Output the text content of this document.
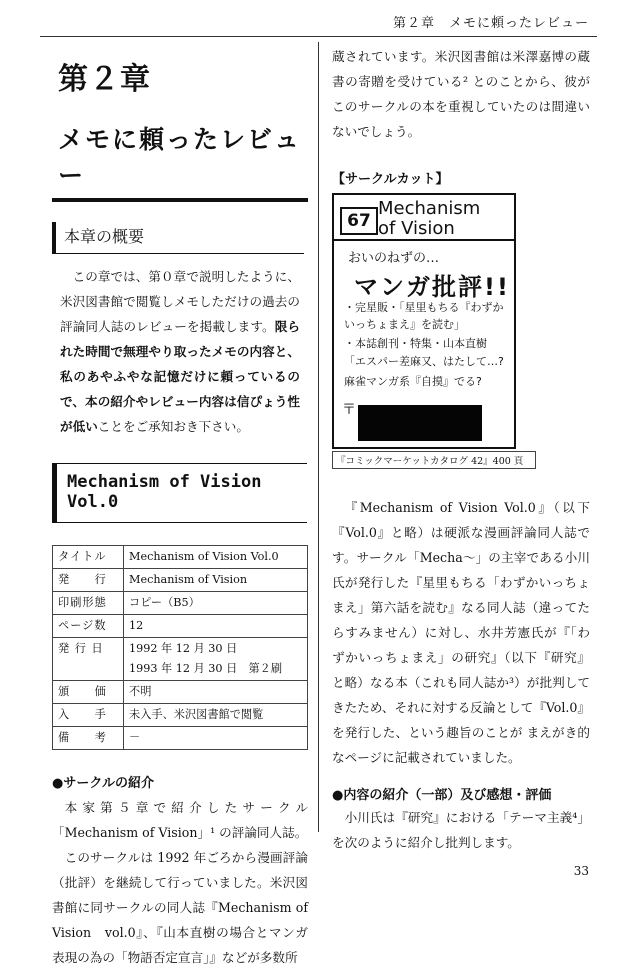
第２章　メモに頼ったレビュー
第２章
メモに頼ったレビュー
本章の概要
この章では、第０章で説明したように、米沢図書館で閲覧しメモしただけの過去の評論同人誌のレビューを掲載します。限られた時間で無理やり取ったメモの内容と、私のあやふやな記憶だけに頼っているので、本の紹介やレビュー内容は信ぴょう性が低いことをご承知おき下さい。
Mechanism of Vision Vol.0
タイトル	Mechanism of Vision Vol.0
発　　行	Mechanism of Vision
印刷形態	コピー（B5）
ページ数	12
発 行 日	1992 年 12 月 30 日
1993 年 12 月 30 日　第２刷

頒　　価	不明
入　　手	未入手、米沢図書館で閲覧
備　　考	－
●サークルの紹介
本家第５章で紹介したサークル「Mechanism of Vision」¹ の評論同人誌。
このサークルは 1992 年ごろから漫画評論（批評）を継続して行っていました。米沢図書館に同サークルの同人誌『Mechanism of Vision　vol.0』、『山本直樹の場合とマンガ表現の為の「物語否定宣言」』などが多数所
蔵されています。米沢図書館は米澤嘉博の蔵書の寄贈を受けている² とのことから、彼がこのサークルの本を重視していたのは間違いないでしょう。
【サークルカット】
67
Mechanism
of Vision
おいのねずの…
マンガ批評!!
・完星販・「星里もちる『わずかいっちょまえ』を読む」
・本誌創刊・特集・山本直樹
「エスパー差麻又、はたして…?
麻雀マンガ系『自摸』でる?
〒
『コミックマーケットカタログ 42』400 頁
『Mechanism of Vision Vol.0』（以下『Vol.0』と略）は硬派な漫画評論同人誌です。サークル「Mecha～」の主宰である小川氏が発行した『星里もちる「わずかいっちょまえ」第六話を読む』なる同人誌（違ってたらすみません）に対し、水井芳憲氏が『「わずかいっちょまえ」の研究』（以下『研究』と略）なる本（これも同人誌か³）が批判してきたため、それに対する反論として『Vol.0』を発行した、という趣旨のことが まえがき的なページに記載されていました。
●内容の紹介（一部）及び感想・評価
小川氏は『研究』における「テーマ主義⁴」を次のように紹介し批判します。
33
